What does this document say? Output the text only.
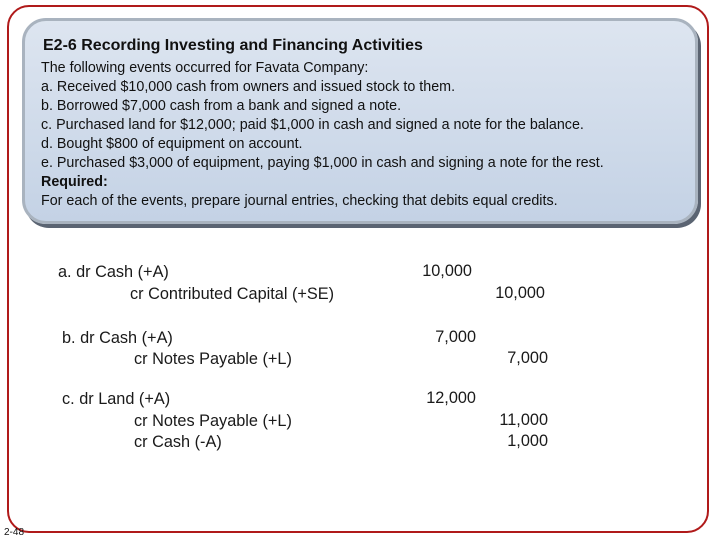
E2-6 Recording Investing and Financing Activities
The following events occurred for Favata Company:
a. Received $10,000 cash from owners and issued stock to them.
b. Borrowed $7,000 cash from a bank and signed a note.
c. Purchased land for $12,000; paid $1,000 in cash and signed a note for the balance.
d. Bought $800 of equipment on account.
e. Purchased $3,000 of equipment, paying $1,000 in cash and signing a note for the rest.
Required:
For each of the events, prepare journal entries, checking that debits equal credits.
a. dr Cash (+A)
cr Contributed Capital (+SE)
10,000
10,000
b. dr Cash (+A)
cr Notes Payable (+L)
7,000
7,000
c. dr Land (+A)
cr Notes Payable (+L)
cr Cash (-A)
12,000
11,000
1,000
2-48
